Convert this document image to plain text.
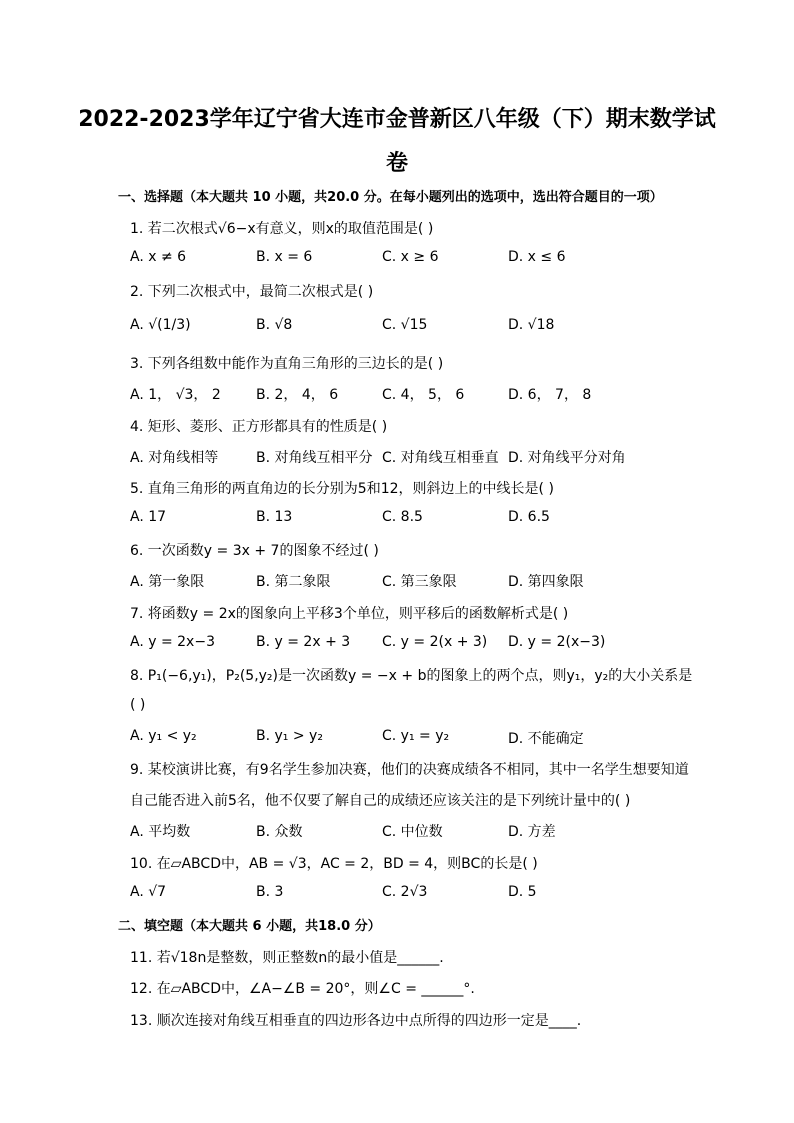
2022-2023学年辽宁省大连市金普新区八年级（下）期末数学试
卷
一、选择题（本大题共 10 小题，共20.0 分。在每小题列出的选项中，选出符合题目的一项）
1. 若二次根式√6−x有意义，则x的取值范围是( )
A. x ≠ 6	B. x = 6	C. x ≥ 6	D. x ≤ 6
2. 下列二次根式中，最简二次根式是( )
A. √(1/3)	B. √8	C. √15	D. √18
3. 下列各组数中能作为直角三角形的三边长的是( )
A. 1， √3， 2	B. 2， 4， 6	C. 4， 5， 6	D. 6， 7， 8
4. 矩形、菱形、正方形都具有的性质是( )
A. 对角线相等	B. 对角线互相平分 C. 对角线互相垂直 D. 对角线平分对角
5. 直角三角形的两直角边的长分别为5和12，则斜边上的中线长是( )
A. 17	B. 13	C. 8.5	D. 6.5
6. 一次函数y = 3x + 7的图象不经过( )
A. 第一象限	B. 第二象限	C. 第三象限	D. 第四象限
7. 将函数y = 2x的图象向上平移3个单位，则平移后的函数解析式是( )
A. y = 2x−3	B. y = 2x + 3 C. y = 2(x + 3) D. y = 2(x−3)
8. P₁(−6,y₁)，P₂(5,y₂)是一次函数y = −x + b的图象上的两个点，则y₁，y₂的大小关系是
( )
A. y₁ < y₂	B. y₁ > y₂	C. y₁ = y₂	D. 不能确定
9. 某校演讲比赛，有9名学生参加决赛，他们的决赛成绩各不相同，其中一名学生想要知道
自己能否进入前5名，他不仅要了解自己的成绩还应该关注的是下列统计量中的( )
A. 平均数	B. 众数	C. 中位数	D. 方差
10. 在▱ABCD中，AB = √3，AC = 2，BD = 4，则BC的长是( )
A. √7	B. 3	C. 2√3	D. 5
二、填空题（本大题共 6 小题，共18.0 分）
11. 若√18n是整数，则正整数n的最小值是______.
12. 在▱ABCD中，∠A−∠B = 20°，则∠C = ______°.
13. 顺次连接对角线互相垂直的四边形各边中点所得的四边形一定是____.
